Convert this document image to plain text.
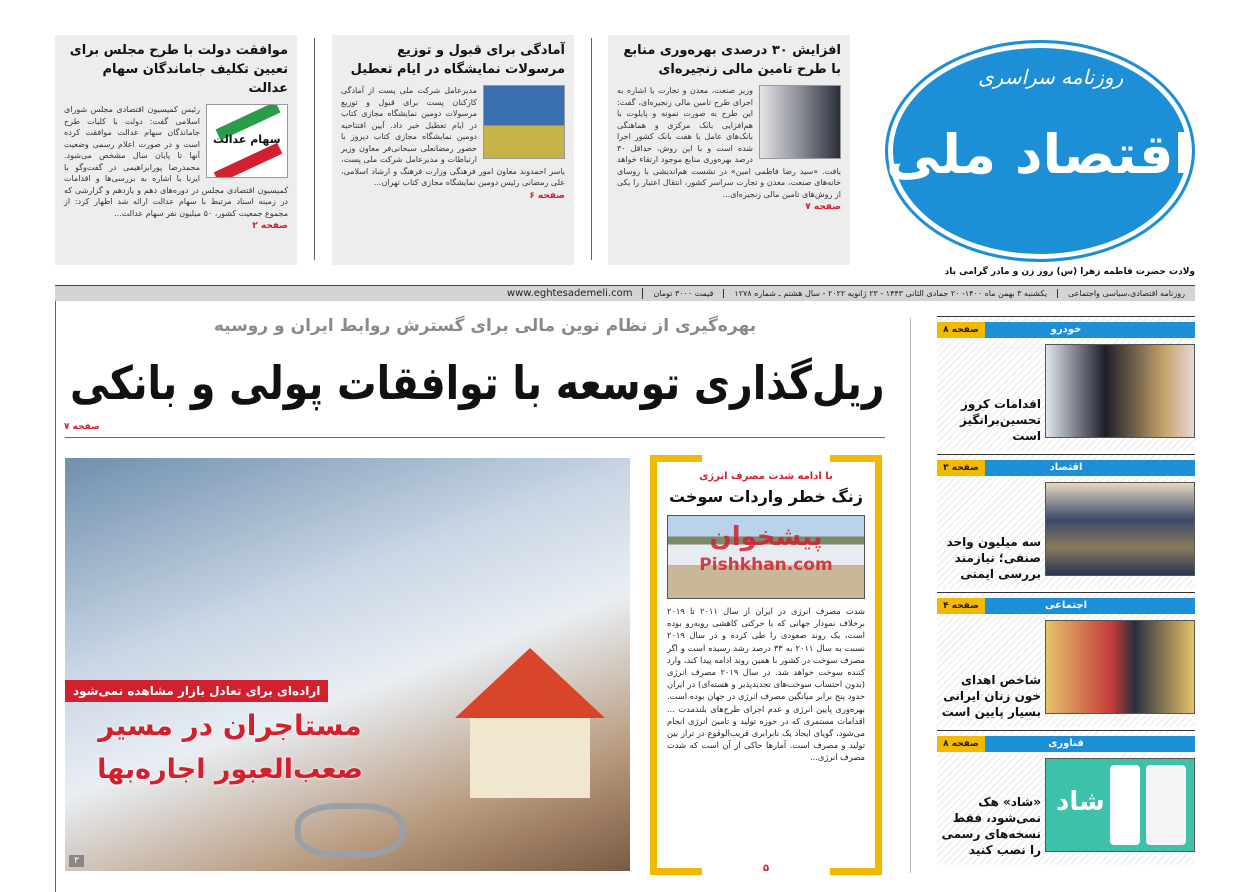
موافقت دولت با طرح مجلس برای تعیین تکلیف جاماندگان سهام عدالت
سهام عدالت

رئیس کمیسیون اقتصادی مجلس شورای اسلامی گفت: دولت با کلیات طرح جاماندگان سهام عدالت موافقت کرده است و در صورت اعلام رسمی وضعیت آنها تا پایان سال مشخص می‌شود. محمدرضا پورابراهیمی در گفت‌وگو با ایرنا با اشاره به بررسی‌ها و اقدامات کمیسیون اقتصادی مجلس در دوره‌های دهم و یازدهم و گزارشی که در زمینه اسناد مرتبط با سهام عدالت ارائه شد اظهار کرد: از مجموع جمعیت کشور، ۵۰ میلیون نفر سهام عدالت...

صفحه ۲
آمادگی برای قبول و توزیع مرسولات نمایشگاه در ایام تعطیل

مدیرعامل شرکت ملی پست از آمادگی کارکنان پست برای قبول و توزیع مرسولات دومین نمایشگاه مجازی کتاب در ایام تعطیل خبر داد. آیین افتتاحیه دومین نمایشگاه مجازی کتاب دیروز با حضور رمضانعلی سبحانی‌فر معاون وزیر ارتباطات و مدیرعامل شرکت ملی پست، یاسر احمدوند معاون امور فرهنگی وزارت فرهنگ و ارشاد اسلامی، علی رمضانی رئیس دومین نمایشگاه مجازی کتاب تهران...

صفحه ۶
افزایش ۳۰ درصدی بهره‌وری منابع با طرح تامین مالی زنجیره‌ای

وزیر صنعت، معدن و تجارت با اشاره به اجرای طرح تامین مالی زنجیره‌ای، گفت: این طرح به صورت نمونه و پایلوت با هم‌افزایی بانک مرکزی و هماهنگی بانک‌های عامل با هفت بانک کشور اجرا شده است و با این روش، حداقل ۳۰ درصد بهره‌وری منابع موجود ارتقاء خواهد یافت. «سید رضا فاطمی امین» در نشست هم‌اندیشی با روسای خانه‌های صنعت، معدن و تجارت سراسر کشور، انتقال اعتبار را یکی از روش‌های تامین مالی زنجیره‌ای...

صفحه ۷
روزنامه سراسری
اقتصاد ملی
ولادت حضرت فاطمه زهرا (س) روز زن و مادر گرامی باد
روزنامه اقتصادی،سیاسی واجتماعی
یکشنبه ۳ بهمن ماه ۱۴۰۰- ۲۰ جمادی الثانی ۱۴۴۳ - ۲۳ ژانویه ۲۰۲۲ - سال هشتم ـ شماره ۱۲۷۸
قیمت ۳۰۰۰ تومان
www.eghtesademeli.com
بهره‌گیری از نظام نوین مالی برای گسترش روابط ایران و روسیه
ریل‌گذاری توسعه با توافقات پولی و بانکی
صفحه ۷
اراده‌ای برای تعادل بازار مشاهده نمی‌شود
مستاجران در مسیر
صعب‌العبور اجاره‌بها
۳
با ادامه شدت مصرف انرژی
زنگ خطر واردات سوخت
پیشخوان
Pishkhan.com

شدت مصرف انرژی در ایران از سال ۲۰۱۱ تا ۲۰۱۹ برخلاف نمودار جهانی که با حرکتی کاهشی روبه‌رو بوده است، یک روند صعودی را طی کرده و در سال ۲۰۱۹ نسبت به سال ۲۰۱۱ به ۳۳ درصد رشد رسیده است و اگر مصرف سوخت در کشور با همین روند ادامه پیدا کند، وارد کننده سوخت خواهد شد. در سال ۲۰۱۹ مصرف انرژی (بدون احتساب سوخت‌های تجدیدپذیر و هسته‌ای) در ایران حدود پنج برابر میانگین مصرف انرژی در جهان بوده است. بهره‌وری پایین انرژی و عدم اجرای طرح‌های بلندمدت ... اقدامات مستمری که در حوزه تولید و تامین انرژی انجام می‌شود، گویای ایجاد یک نابرابری قریب‌الوقوع در تراز بین تولید و مصرف است. آمارها حاکی از آن است که شدت مصرف انرژی...

۵
خودرو
صفحه ۸
اقدامات کروز تحسین‌برانگیز است
اقتصاد
صفحه ۳
سه میلیون واحد صنفی؛ نیازمند بررسی ایمنی
اجتماعی
صفحه ۴
شاخص اهدای خون زنان ایرانی بسیار پایین است
فناوری
صفحه ۸
شاد
«شاد» هک نمی‌شود، فقط نسخه‌های رسمی را نصب کنید
